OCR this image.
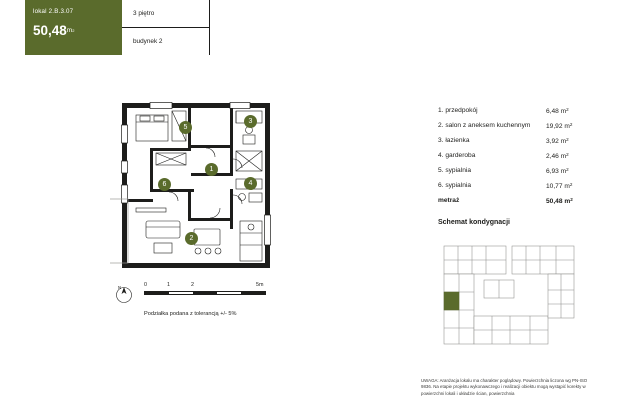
lokal 2.B.3.07
$50,48^{m2}$
3 piętro
budynek 2
1
2
3
4
5
6
N	0	1	2	5m
Podziałka podana z tolerancją +/- 5%
1. przedpokój	6,48 $m^2$
2. salon z aneksem kuchennym 19,92 $m^2$
3. łazienka	3,92 $m^2$
4. garderoba	2,46 $m^2$
5. sypialnia	6,93 $m^2$
6. sypialnia	10,77 $m^2$
metraż	50,48 $m^2$
Schemat kondygnacji
UWAGA: Aranżacja lokalu ma charakter poglądowy. Powierzchnia liczona wg PN-ISO 9836. Na etapie projektu wykonawczego i realizacji obiektu mogą wystąpić korekty w powierzchni lokali i układzie ścian, powierzchnia
